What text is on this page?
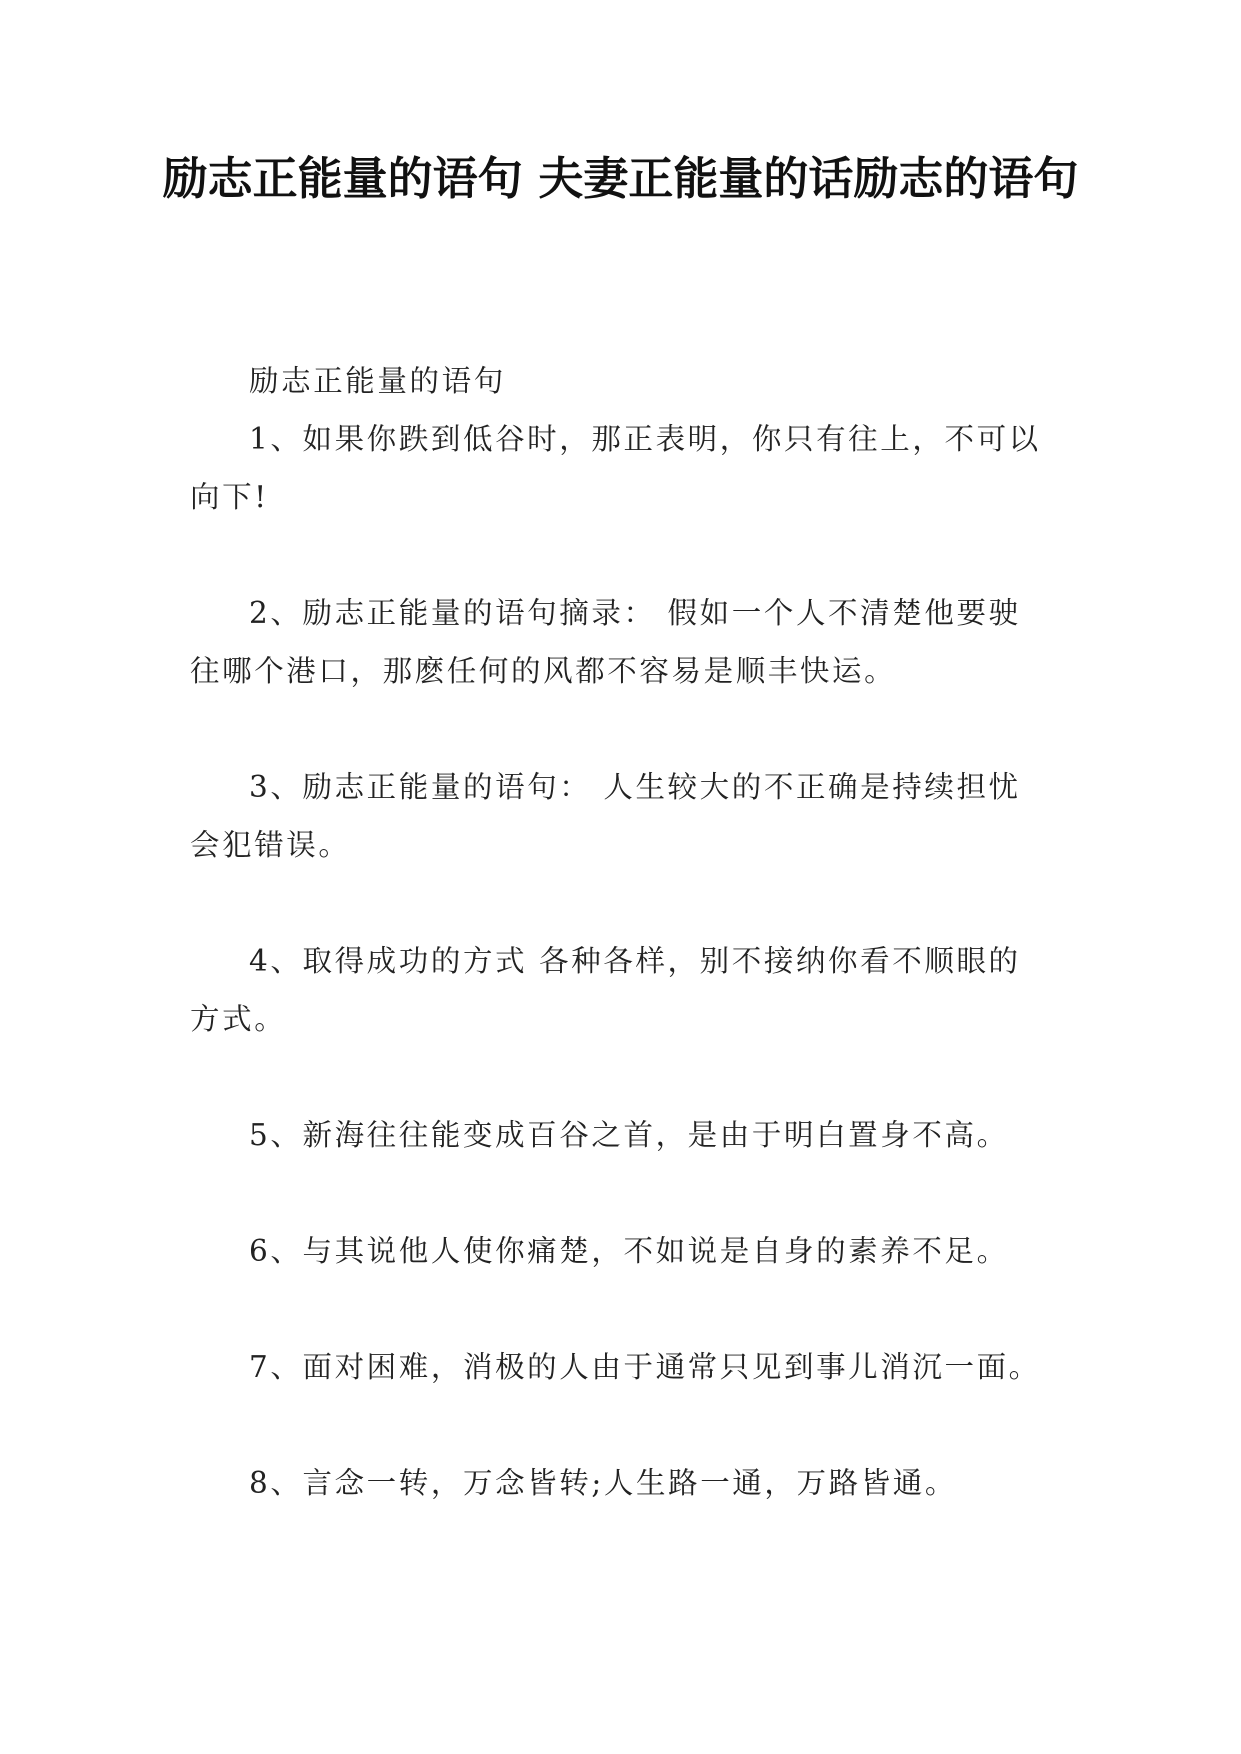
励志正能量的语句 夫妻正能量的话励志的语句

励志正能量的语句

1、如果你跌到低谷时，那正表明，你只有往上，不可以向下!

2、励志正能量的语句摘录： 假如一个人不清楚他要驶往哪个港口，那麽任何的风都不容易是顺丰快运。

3、励志正能量的语句： 人生较大的不正确是持续担忧会犯错误。

4、取得成功的方式 各种各样，别不接纳你看不顺眼的方式。

5、新海往往能变成百谷之首，是由于明白置身不高。

6、与其说他人使你痛楚，不如说是自身的素养不足。

7、面对困难，消极的人由于通常只见到事儿消沉一面。

8、言念一转，万念皆转;人生路一通，万路皆通。
